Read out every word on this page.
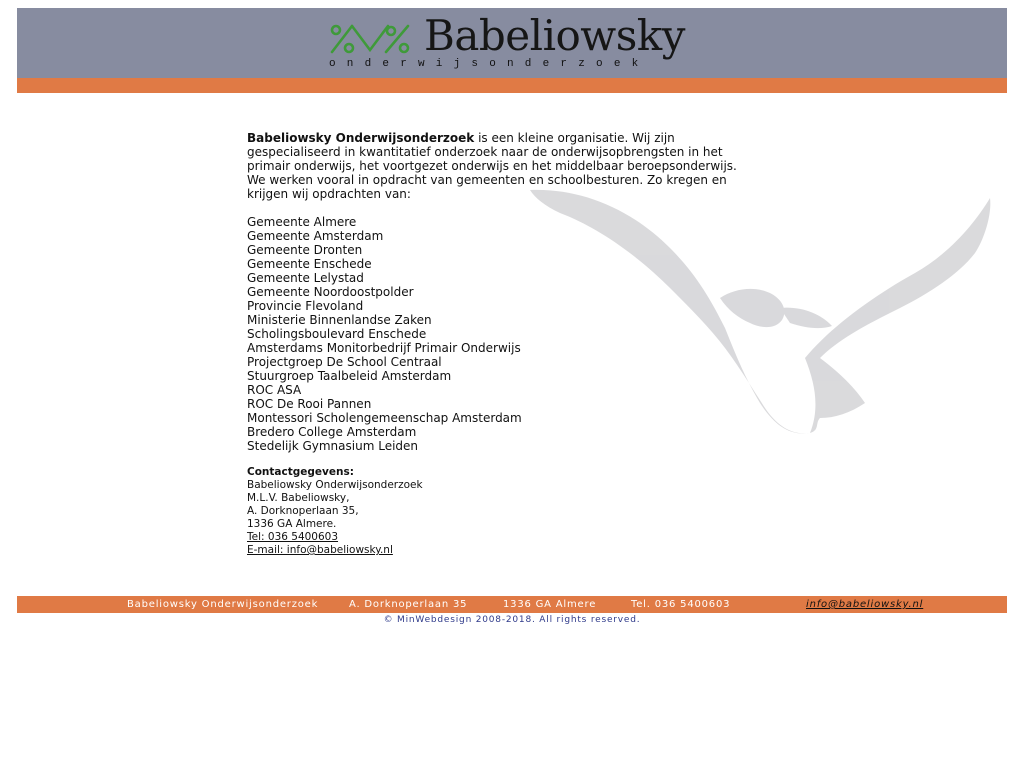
Babeliowsky
onderwijsonderzoek

Babeliowsky Onderwijsonderzoek is een kleine organisatie. Wij zijn gespecialiseerd in kwantitatief onderzoek naar de onderwijsopbrengsten in het primair onderwijs, het voortgezet onderwijs en het middelbaar beroepsonderwijs. We werken vooral in opdracht van gemeenten en schoolbesturen. Zo kregen en krijgen wij opdrachten van:

Gemeente Almere
Gemeente Amsterdam
Gemeente Dronten
Gemeente Enschede
Gemeente Lelystad
Gemeente Noordoostpolder
Provincie Flevoland
Ministerie Binnenlandse Zaken
Scholingsboulevard Enschede
Amsterdams Monitorbedrijf Primair Onderwijs
Projectgroep De School Centraal
Stuurgroep Taalbeleid Amsterdam
ROC ASA
ROC De Rooi Pannen
Montessori Scholengemeenschap Amsterdam
Bredero College Amsterdam
Stedelijk Gymnasium Leiden
Contactgegevens:
Babeliowsky Onderwijsonderzoek
M.L.V. Babeliowsky,
A. Dorknoperlaan 35,
1336 GA Almere.
Tel: 036 5400603
E-mail: info@babeliowsky.nl
Babeliowsky Onderwijsonderzoek	A. Dorknoperlaan 35	1336 GA Almere	Tel. 036 5400603	info@babeliowsky.nl
© MinWebdesign 2008-2018. All rights reserved.
